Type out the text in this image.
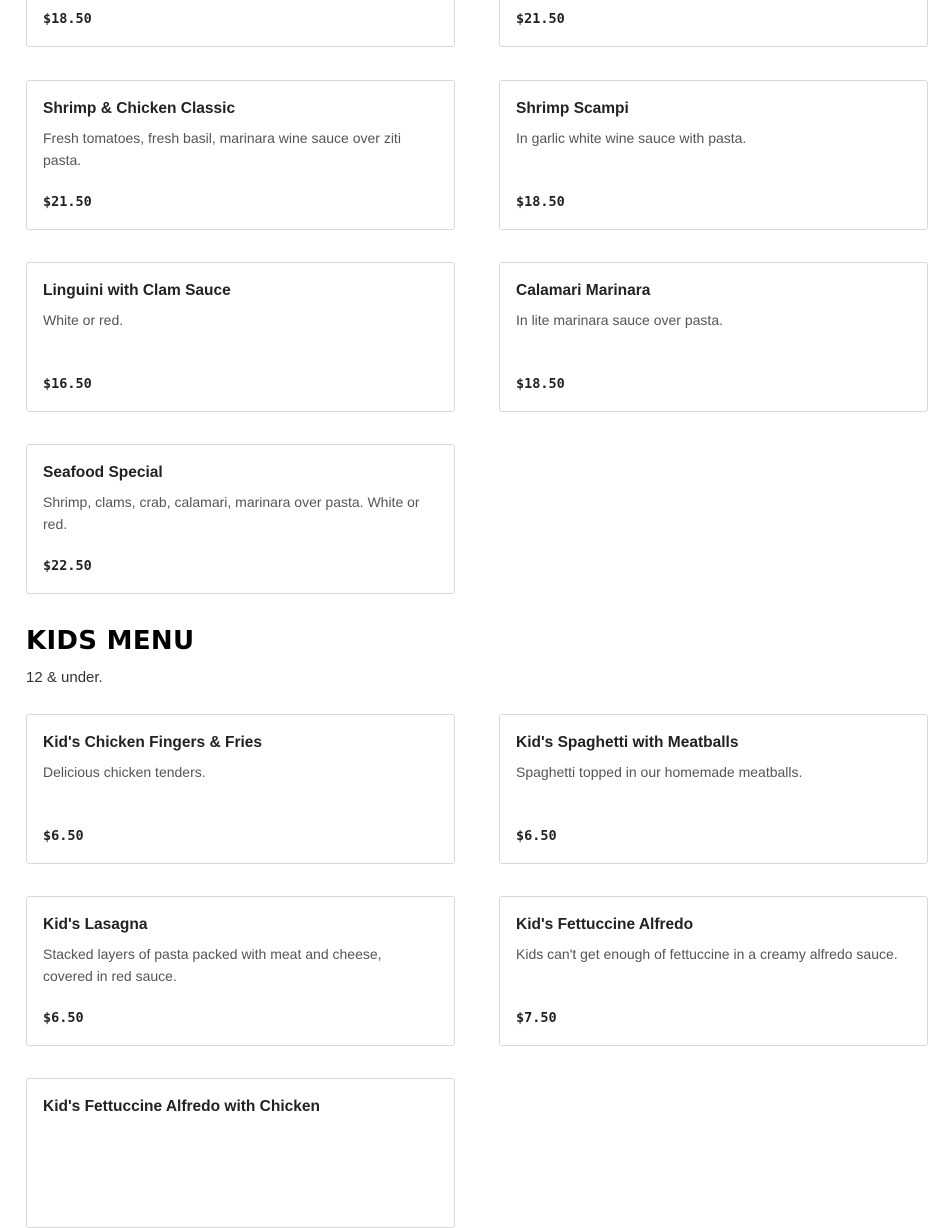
$18.50	$21.50
Shrimp & Chicken Classic
Fresh tomatoes, fresh basil, marinara wine sauce over ziti pasta.
$21.50
Shrimp Scampi
In garlic white wine sauce with pasta.
$18.50
Linguini with Clam Sauce
White or red.
$16.50
Calamari Marinara
In lite marinara sauce over pasta.
$18.50
Seafood Special
Shrimp, clams, crab, calamari, marinara over pasta. White or red.
$22.50
KIDS MENU
12 & under.
Kid's Chicken Fingers & Fries
Delicious chicken tenders.
$6.50
Kid's Spaghetti with Meatballs
Spaghetti topped in our homemade meatballs.
$6.50
Kid's Lasagna
Stacked layers of pasta packed with meat and cheese, covered in red sauce.
$6.50
Kid's Fettuccine Alfredo
Kids can't get enough of fettuccine in a creamy alfredo sauce.
$7.50
Kid's Fettuccine Alfredo with Chicken
